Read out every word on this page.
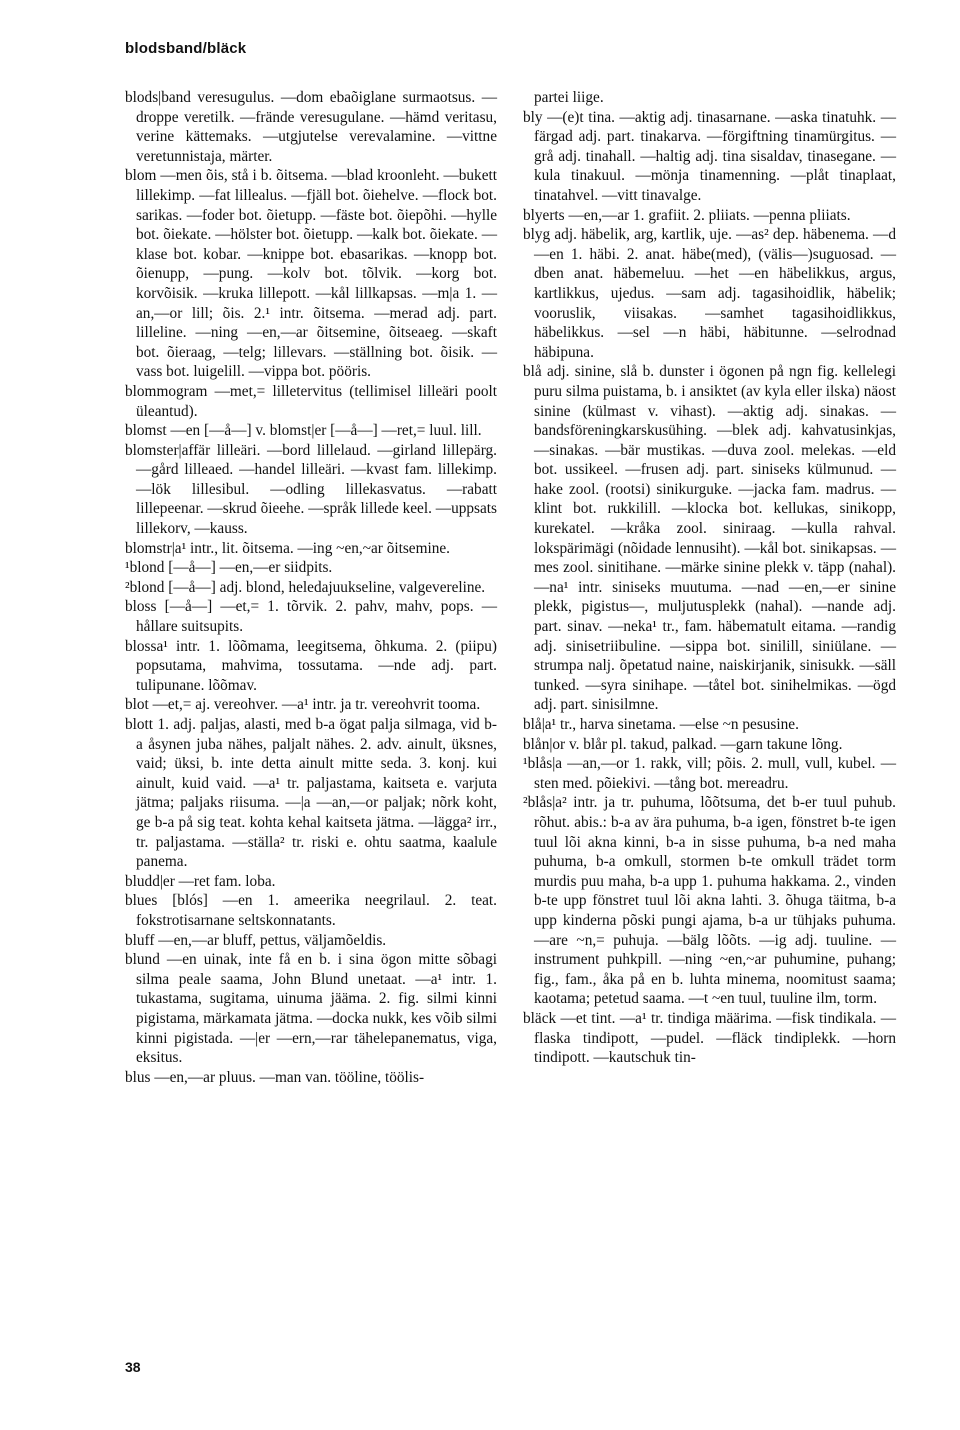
blodsband/bläck

blods|band veresugulus. —dom ebaõiglane surmaotsus. —droppe veretilk. —frände veresugulane. —hämd veritasu, verine kättemaks. —utgjutelse verevalamine. —vittne veretunnistaja, märter.

blom —men õis, stå i b. õitsema. —blad kroonleht. —bukett lillekimp. —fat lillealus. —fjäll bot. õiehelve. —flock bot. sarikas. —foder bot. õietupp. —fäste bot. õiepõhi. —hylle bot. õiekate. —hölster bot. õietupp. —kalk bot. õiekate. —klase bot. kobar. —knippe bot. ebasarikas. —knopp bot. õienupp, —pung. —kolv bot. tõlvik. —korg bot. korvõisik. —kruka lillepott. —kål lillkapsas. —m|a 1. —an,—or lill; õis. 2.¹ intr. õitsema. —merad adj. part. lilleline. —ning —en,—ar õitsemine, õitseaeg. —skaft bot. õieraag, —telg; lillevars. —ställning bot. õisik. —vass bot. luigelill. —vippa bot. pööris.

blommogram —met,= lilletervitus (tellimisel lilleäri poolt üleantud).

blomst —en [—å—] v. blomst|er [—å—] —ret,= luul. lill.

blomster|affär lilleäri. —bord lillelaud. —girland lillepärg. —gård lilleaed. —handel lilleäri. —kvast fam. lillekimp. —lök lillesibul. —odling lillekasvatus. —rabatt lillepeenar. —skrud õieehe. —språk lillede keel. —uppsats lillekorv, —kauss.

blomstr|a¹ intr., lit. õitsema. —ing ~en,~ar õitsemine.

¹blond [—å—] —en,—er siidpits.

²blond [—å—] adj. blond, heledajuukseline, valgevereline.

bloss [—å—] —et,= 1. tõrvik. 2. pahv, mahv, pops. —hållare suitsupits.

blossa¹ intr. 1. lõõmama, leegitsema, õhkuma. 2. (piipu) popsutama, mahvima, tossutama. —nde adj. part. tulipunane. lõõmav.

blot —et,= aj. vereohver. —a¹ intr. ja tr. vereohvrit tooma.

blott 1. adj. paljas, alasti, med b-a ögat palja silmaga, vid b-a åsynen juba nähes, paljalt nähes. 2. adv. ainult, üksnes, vaid; üksi, b. inte detta ainult mitte seda. 3. konj. kui ainult, kuid vaid. —a¹ tr. paljastama, kaitseta e. varjuta jätma; paljaks riisuma. —|a —an,—or paljak; nõrk koht, ge b-a på sig teat. kohta kehal kaitseta jätma. —lägga² irr., tr. paljastama. —ställa² tr. riski e. ohtu saatma, kaalule panema.

bludd|er —ret fam. loba.

blues [blós] —en 1. ameerika neegrilaul. 2. teat. fokstrotisarnane seltskonnatants.

bluff —en,—ar bluff, pettus, väljamõeldis.

blund —en uinak, inte få en b. i sina ögon mitte sõbagi silma peale saama, John Blund unetaat. —a¹ intr. 1. tukastama, sugitama, uinuma jääma. 2. fig. silmi kinni pigistama, märkamata jätma. —docka nukk, kes võib silmi kinni pigistada. —|er —ern,—rar tähelepanematus, viga, eksitus.

blus —en,—ar pluus. —man van. tööline, töölis-

partei liige.

bly —(e)t tina. —aktig adj. tinasarnane. —aska tinatuhk. —färgad adj. part. tinakarva. —förgiftning tinamürgitus. —grå adj. tinahall. —haltig adj. tina sisaldav, tinasegane. —kula tinakuul. —mönja tinamenning. —plåt tinaplaat, tinatahvel. —vitt tinavalge.

blyerts —en,—ar 1. grafiit. 2. pliiats. —penna pliiats.

blyg adj. häbelik, arg, kartlik, uje. —as² dep. häbenema. —d —en 1. häbi. 2. anat. häbe(med), (välis—)suguosad. —dben anat. häbemeluu. —het —en häbelikkus, argus, kartlikkus, ujedus. —sam adj. tagasihoidlik, häbelik; vooruslik, viisakas. —samhet tagasihoidlikkus, häbelikkus. —sel —n häbi, häbitunne. —selrodnad häbipuna.

blå adj. sinine, slå b. dunster i ögonen på ngn fig. kellelegi puru silma puistama, b. i ansiktet (av kyla eller ilska) näost sinine (külmast v. vihast). —aktig adj. sinakas. —bandsföreningkarskusühing. —blek adj. kahvatusinkjas, —sinakas. —bär mustikas. —duva zool. melekas. —eld bot. ussikeel. —frusen adj. part. siniseks külmunud. —hake zool. (rootsi) sinikurguke. —jacka fam. madrus. —klint bot. rukkilill. —klocka bot. kellukas, sinikopp, kurekatel. —kråka zool. siniraag. —kulla rahval. lokspärimägi (nõidade lennusiht). —kål bot. sinikapsas. —mes zool. sinitihane. —märke sinine plekk v. täpp (nahal). —na¹ intr. siniseks muutuma. —nad —en,—er sinine plekk, pigistus—, muljutusplekk (nahal). —nande adj. part. sinav. —neka¹ tr., fam. häbematult eitama. —randig adj. sinisetriibuline. —sippa bot. sinilill, siniülane. —strumpa nalj. õpetatud naine, naiskirjanik, sinisukk. —säll tunked. —syra sinihape. —tåtel bot. sinihelmikas. —ögd adj. part. sinisilmne.

blå|a¹ tr., harva sinetama. —else ~n pesusine.

blån|or v. blår pl. takud, palkad. —garn takune lõng.

¹blås|a —an,—or 1. rakk, vill; põis. 2. mull, vull, kubel. —sten med. põiekivi. —tång bot. mereadru.

²blås|a² intr. ja tr. puhuma, lõõtsuma, det b-er tuul puhub. rõhut. abis.: b-a av ära puhuma, b-a igen, fönstret b-te igen tuul lõi akna kinni, b-a in sisse puhuma, b-a ned maha puhuma, b-a omkull, stormen b-te omkull trädet torm murdis puu maha, b-a upp 1. puhuma hakkama. 2., vinden b-te upp fönstret tuul lõi akna lahti. 3. õhuga täitma, b-a upp kinderna põski pungi ajama, b-a ur tühjaks puhuma. —are ~n,= puhuja. —bälg lõõts. —ig adj. tuuline. —instrument puhkpill. —ning ~en,~ar puhumine, puhang; fig., fam., åka på en b. luhta minema, noomitust saama; kaotama; petetud saama. —t ~en tuul, tuuline ilm, torm.

bläck —et tint. —a¹ tr. tindiga määrima. —fisk tindikala. —flaska tindipott, —pudel. —fläck tindiplekk. —horn tindipott. —kautschuk tin-

38
